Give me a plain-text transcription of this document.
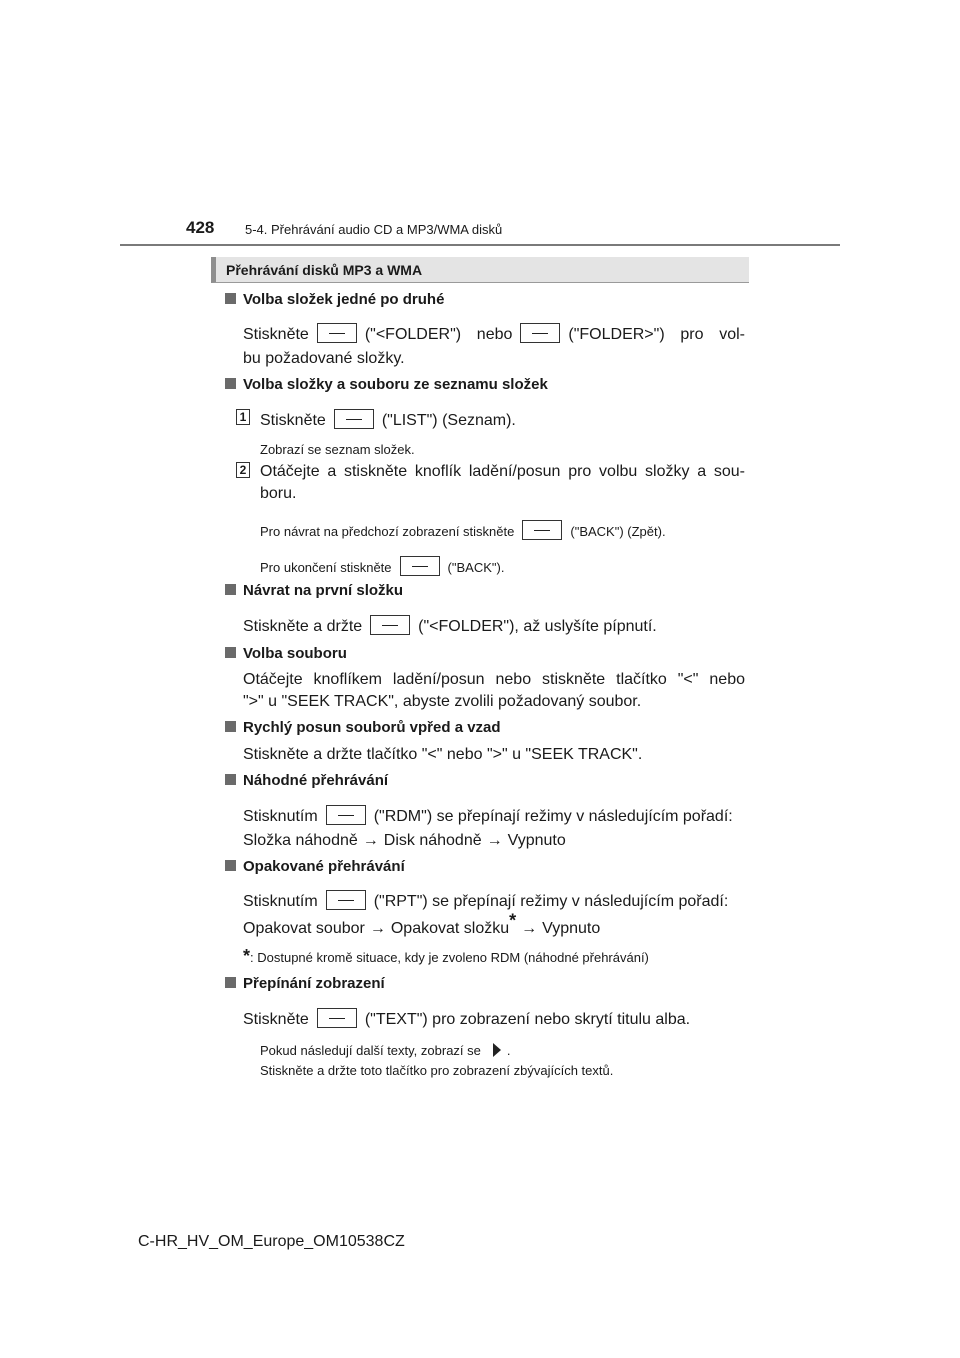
428 5-4. Přehrávání audio CD a MP3/WMA disků
Přehrávání disků MP3 a WMA
Volba složek jedné po druhé
Stiskněte	("<FOLDER") nebo	("FOLDER>") pro vol-
bu požadované složky.
Volba složky a souboru ze seznamu složek
1 Stiskněte	("LIST") (Seznam).
Zobrazí se seznam složek.
2 Otáčejte a stiskněte knoflík ladění/posun pro volbu složky a sou-
boru.
Pro návrat na předchozí zobrazení stiskněte	("BACK") (Zpět).
Pro ukončení stiskněte	("BACK").
Návrat na první složku
Stiskněte a držte	("<FOLDER"), až uslyšíte pípnutí.
Volba souboru
Otáčejte knoflíkem ladění/posun nebo stiskněte tlačítko "<" nebo
">" u "SEEK TRACK", abyste zvolili požadovaný soubor.
Rychlý posun souborů vpřed a vzad
Stiskněte a držte tlačítko "<" nebo ">" u "SEEK TRACK".
Náhodné přehrávání
Stisknutím	("RDM") se přepínají režimy v následujícím pořadí:
Složka náhodně → Disk náhodně → Vypnuto
Opakované přehrávání
Stisknutím	("RPT") se přepínají režimy v následujícím pořadí:
Opakovat soubor → Opakovat složku* → Vypnuto
*: Dostupné kromě situace, kdy je zvoleno RDM (náhodné přehrávání)
Přepínání zobrazení
Stiskněte	("TEXT") pro zobrazení nebo skrytí titulu alba.
Pokud následují další texty, zobrazí se .
Stiskněte a držte toto tlačítko pro zobrazení zbývajících textů.
C-HR_HV_OM_Europe_OM10538CZ
